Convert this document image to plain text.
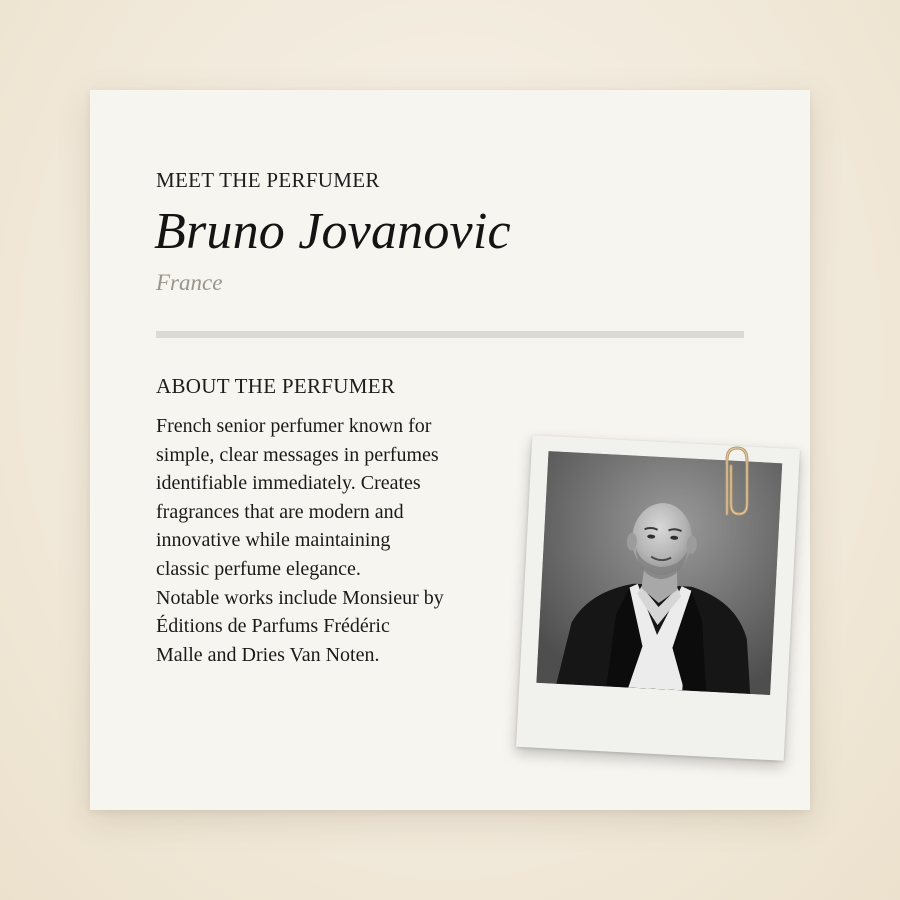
MEET THE PERFUMER
Bruno Jovanovic

France

ABOUT THE PERFUMER

French senior perfumer known for
simple, clear messages in perfumes
identifiable immediately. Creates
fragrances that are modern and
innovative while maintaining
classic perfume elegance.
Notable works include Monsieur by
Éditions de Parfums Frédéric
Malle and Dries Van Noten.
